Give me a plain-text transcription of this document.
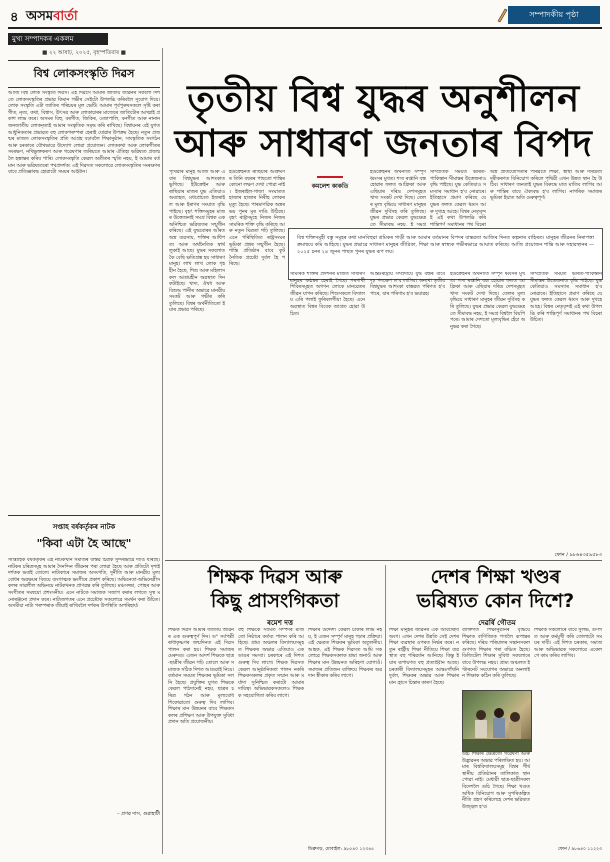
৪ অসমবাৰ্তা	সম্পাদকীয় পৃষ্ঠা
মুখ্য সম্পাদকৰ একলম
■ ২২ আষাঢ়, ২০২৫, বৃহস্পতিবাৰ ■
বিশ্ব লোকসংস্কৃতি দিৱস
আজি বিশ্ব লোক সংস্কৃতি দিৱস। এই দিৱসে আমাৰ জাতীয় জীৱনৰ সকলো দিশতে লোকসংস্কৃতিৰ প্ৰভাৱ কিমান গভীৰ সেইটো উপলব্ধি কৰিবলৈ সুযোগ দিয়ে। লোক সংস্কৃতি এটা জাতিৰ পৰিচয়ৰ মূল ভেটি। আমাৰ পূৰ্বপুৰুষসকলে সৃষ্টি কৰা গীত, নৃত্য, কথা, বিশ্বাস, উৎসৱ আৰু লোকাচাৰৰ মাজেৰে জাতিটোৰ আত্মাই প্ৰকাশ লাভ কৰে। অসমৰ বিহু, বৰগীত, জিকিৰ, ওজাপালি, বনগীত আৰু নানান জনজাতীয় লোকনৃত্যই আমাৰ সংস্কৃতিক সমৃদ্ধ কৰি ৰাখিছে। বিশ্বায়নৰ এই যুগত আধুনিকতাৰ প্ৰভাৱত বহু লোকপৰম্পৰা হেৰাই যোৱাৰ উপক্ৰম হৈছে। নতুন প্ৰজন্মৰ মাজত লোকসংস্কৃতিৰ প্ৰতি আগ্ৰহ বঢ়াবলৈ শিক্ষানুষ্ঠান, সাংস্কৃতিক সংগঠন আৰু চৰকাৰে যৌথভাৱে উদ্যোগ লোৱা প্ৰয়োজন। লোককথা আৰু লোকগীতৰ সংৰক্ষণ, নথিভুক্তকৰণ আৰু গৱেষণাৰ জৰিয়তে আমাৰ ঐতিহ্য ভৱিষ্যত প্ৰজন্মলৈ হস্তান্তৰ কৰিব পাৰি। লোকসংস্কৃতি কেৱল অতীতৰ স্মৃতি নহয়, ই আমাৰ বৰ্তমান আৰু ভৱিষ্যতৰো পথপ্ৰদৰ্শক। এই দিৱসত সকলোৱে লোকসংস্কৃতিৰ সংৰক্ষণৰ বাবে প্ৰতিজ্ঞাবদ্ধ হোৱাটো সময়ৰ আহ্বান।
সপ্তাহ বৰ্ষকৰ্তৃকৰ নাটক
"কিবা এটা হৈ আছে"
সাপ্তাহিক বৰ্ষকৰ্তৃকৰ এই নাটকখনি সমাজৰ বাস্তৱ চিত্ৰক সুন্দৰভাৱে দাঙি ধৰিছে। নাটকৰ চৰিত্ৰসমূহ আমাৰ দৈনন্দিন জীৱনৰ পৰা লোৱা হৈছে আৰু প্ৰতিটো দৃশ্যই দৰ্শকক ভবাই তোলে। নাট্যকাৰে সমাজৰ অসংগতি, দুৰ্নীতি আৰু মানৱীয় মূল্যবোধৰ অৱক্ষয়ৰ বিষয়ে ব্যংগাত্মক ভংগীৰে প্ৰকাশ কৰিছে। অভিনেতা-অভিনেত্ৰীসকলৰ সাৱলীল অভিনয়ে নাটকখনক প্ৰাণৱন্ত কৰি তুলিছে। মঞ্চসজ্জা, পোহৰ আৰু সংগীতৰ সমন্বয়ো প্ৰশংসনীয়। এনে নাটকে সমাজক সজাগ কৰাৰ লগতে সুস্থ মনোৰঞ্জনো প্ৰদান কৰে। নাট্যজগতৰ এনে প্ৰচেষ্টাক সকলোৱে সমৰ্থন কৰা উচিত। অসমীয়া নাট্য পৰম্পৰাক জীয়াই ৰাখিবলৈ দৰ্শকৰ উপস্থিতি অপৰিহাৰ্য।
– প্ৰণৱ দাস, গুৱাহাটী
তৃতীয় বিশ্ব যুদ্ধৰ অনুশীলন
আৰু সাধাৰণ জনতাৰ বিপদ
পৃথিৱীৰ মানুহ আজি আৰু এবাৰ বিশ্বযুদ্ধৰ আশংকাত ভুগিছে। ইউক্ৰেইন আৰু ৰাছিয়াৰ মাজৰ যুদ্ধ এতিয়াও অব্যাহত, মধ্যপ্ৰাচ্যত ইজৰাইল আৰু ইৰাণৰ সংঘাত বৃদ্ধি পাইছে। বৃহৎ শক্তিসমূহৰ মাজৰ উত্তেজনাই সমগ্ৰ বিশ্বক এক অনিশ্চিত ভৱিষ্যতৰ সন্মুখীন কৰিছে। এই যুদ্ধবোৰৰ আঁৰত অস্ত্ৰ ব্যৱসায়, শক্তিৰ আধিপত্য আৰু অৰ্থনৈতিক স্বাৰ্থ লুকাই আছে। যুদ্ধৰ সকলোতকৈ বেছি ক্ষতিগ্ৰস্ত হয় সাধাৰণ মানুহ। লাখ লাখ লোক গৃহহীন হৈছে, শিশু আৰু মহিলাসকল আশ্ৰয়হীন অৱস্থাত দিন কটাইছে। খাদ্য, ঔষধ আৰু বিশুদ্ধ পানীৰ অভাৱে মানৱীয় সংকট আৰু গভীৰ কৰি তুলিছে। বিশ্বৰ অৰ্থনীতিতো ইয়াৰ প্ৰভাৱ পৰিছে।
ইউক্ৰেইনত ৰাছিয়াৰ আক্ৰমণৰ তিনি বছৰৰ পাছতো শান্তিৰ কোনো লক্ষণ দেখা পোৱা নাই। ইজৰাইল-গাজা সংঘাতত হাজাৰ হাজাৰ নিৰীহ লোকৰ মৃত্যু হৈছে। পাৰমাণৱিক অস্ত্ৰৰ ভয় পুনৰ মূৰ দাঙি উঠিছে। বৃহৎ ৰাষ্ট্ৰসমূহে নিজৰ নিজৰ সামৰিক শক্তি বৃদ্ধি কৰিছে আৰু নতুন মিত্ৰতা গঢ়ি তুলিছে। এনে পৰিস্থিতিত ৰাষ্ট্ৰসংঘৰ ভূমিকা প্ৰশ্নৰ সন্মুখীন হৈছে। শান্তি প্ৰতিষ্ঠাৰ বাবে কূটনৈতিক প্ৰচেষ্টা দুৰ্বল হৈ পৰিছে।
কমলেশ কাকতি
ইউক্ৰেইনৰ অৰ্থনীতি সম্পূৰ্ণ ধ্বংসৰ মুখত। শস্য ৰপ্তানি বন্ধ হোৱাৰ ফলত আফ্ৰিকা আৰু এছিয়াৰ দৰিদ্ৰ দেশসমূহত খাদ্য সংকট দেখা দিছে। তেলৰ মূল্য বৃদ্ধিয়ে সাধাৰণ মানুহৰ জীৱন দুৰ্বিসহ কৰি তুলিছে। যুদ্ধৰ প্ৰভাৱ কেৱল যুদ্ধক্ষেত্ৰতে সীমাবদ্ধ নহয়, ই সমগ্ৰ
সাম্প্ৰতিক সময়ত ভাৰত-পাকিস্তান সীমান্তৰ উত্তেজনাও বৃদ্ধি পাইছে। যুদ্ধ কেতিয়াও সমস্যাৰ সমাধান হ'ব নোৱাৰে। ইতিহাসে প্ৰমাণ কৰিছে যে যুদ্ধৰ ফলত কেৱল ধ্বংস আৰু দুখহে আহে। বিশ্বৰ নেতৃবৃন্দই এই কথা উপলব্ধি কৰি শান্তিপূৰ্ণ সমাধানৰ পথ বিচৰা
অস্ত্ৰ প্ৰতিযোগিতাৰ পৰিৱৰ্তে শিক্ষা, স্বাস্থ্য আৰু দৰিদ্ৰতা দূৰীকৰণত বিনিয়োগ কৰিলে পৃথিৱী এখন উন্নত স্থান হৈ উঠিব। সাধাৰণ জনতাই যুদ্ধৰ বিৰুদ্ধে মাত মাতিব লাগিব আৰু শান্তিৰ বাবে ঐক্যবদ্ধ হ'ব লাগিব। নাগৰিক সমাজৰ ভূমিকা ইয়াত অতি গুৰুত্বপূৰ্ণ।
বিশ্ব শক্তিসমূহী বস্তু সমূহৰ কথা মানবিহুৱা শ্ৰমিকৰ গাড়ী আৰু আমাৰ বৰ্তমানৰ বিপদৰ বাস্তৱতা আজিৰ দিনত কল্পনাৰ বাহিৰত। মানুহৰ জীৱনৰ নিৰাপত্তা ক্ৰমান্বয়ে কমি আহিছে। যুদ্ধৰ প্ৰভাৱে সাধাৰণ মানুহৰ জীৱিকা, শিক্ষা আৰু স্বাস্থ্যক গভীৰভাৱে আঘাত কৰিছে। আজি প্ৰয়োজন শান্তি আৰু সহাৱস্থানৰ — ২০২৫ চনৰ ২৪ জুনৰ পাছত পুনৰ যুদ্ধৰ ৰূপ লয়।
সামৰিক শক্তিৰ প্ৰদৰ্শনৰ মাজত সাধাৰণ মানুহৰ কণ্ঠস্বৰ হেৰাই গৈছে। শৰণাৰ্থী শিবিৰসমূহত অগণন লোকে মানৱেতৰ জীৱন যাপন কৰিছে। শিশুসকলে বিদ্যালয় এৰি পলাই ফুৰিবলগীয়া হৈছে। এনে অৱস্থাত বিশ্বৰ বিবেক জাগ্ৰত হোৱা উচিত।
আন্তঃৰাষ্ট্ৰীয় সম্প্ৰদায়ে যুদ্ধ বন্ধৰ বাবে দৃঢ় পদক্ষেপ ল'ব লাগিব। অন্যথা তৃতীয় বিশ্বযুদ্ধৰ আশংকা বাস্তৱত পৰিণত হ'ব পাৰে, যাৰ পৰিণাম হ'ব ভয়াৱহ।
ইউক্ৰেইনৰ অৰ্থনীতি সম্পূৰ্ণ ধ্বংসৰ মুখত। শস্য ৰপ্তানি বন্ধ হোৱাৰ ফলত আফ্ৰিকা আৰু এছিয়াৰ দৰিদ্ৰ দেশসমূহত খাদ্য সংকট দেখা দিছে। তেলৰ মূল্য বৃদ্ধিয়ে সাধাৰণ মানুহৰ জীৱন দুৰ্বিসহ কৰি তুলিছে। যুদ্ধৰ প্ৰভাৱ কেৱল যুদ্ধক্ষেত্ৰতে সীমাবদ্ধ নহয়, ই সমগ্ৰ বিশ্বলৈ বিয়পি পৰে। আমাৰ দেশতো মূল্যবৃদ্ধিৰ হেঁচা অনুভৱ কৰা গৈছে।
সাম্প্ৰতিক সময়ত ভাৰত-পাকিস্তান সীমান্তৰ উত্তেজনাও বৃদ্ধি পাইছে। যুদ্ধ কেতিয়াও সমস্যাৰ সমাধান হ'ব নোৱাৰে। ইতিহাসে প্ৰমাণ কৰিছে যে যুদ্ধৰ ফলত কেৱল ধ্বংস আৰু দুখহে আহে। বিশ্বৰ নেতৃবৃন্দই এই কথা উপলব্ধি কৰি শান্তিপূৰ্ণ সমাধানৰ পথ বিচৰা উচিত।
ফোন / ৯৮৬৪৩৫৯৫৮৩
শিক্ষক দিৱস আৰু
কিছু প্ৰাসংগিকতা
ৰমেশ দত্ত
শিক্ষক দিৱস আমাৰ জাতীয় জীৱনৰ এক গুৰুত্বপূৰ্ণ দিন। ড° সৰ্বপল্লী ৰাধাকৃষ্ণণৰ জন্মদিনত এই দিৱস পালন কৰা হয়। শিক্ষক সমাজৰ মেৰুদণ্ড। এজন আদৰ্শ শিক্ষকে ছাত্ৰ-ছাত্ৰীৰ জীৱন গঢ়ি তোলে আৰু সমাজক সঠিক দিশত আগুৱাই নিয়ে। বৰ্তমান সময়ত শিক্ষকৰ ভূমিকা সলনি হৈছে। প্ৰযুক্তিৰ যুগত শিক্ষকে কেৱল পাঠদানেই নহয়, ছাত্ৰৰ চৰিত্ৰ গঠন আৰু মূল্যবোধ শিকোৱাতো গুৰুত্ব দিব লাগিব। শিক্ষাৰ মান উন্নয়নৰ বাবে শিক্ষকসকলৰ প্ৰশিক্ষণ আৰু উপযুক্ত সুবিধা প্ৰদান অতি প্ৰয়োজনীয়।
বহু শিক্ষকে সীমিত সম্পদৰ মাজতো নিষ্ঠাৰে কৰ্তব্য পালন কৰি আহিছে। গ্ৰাম্য অঞ্চলৰ বিদ্যালয়সমূহত শিক্ষকৰ অভাৱ এতিয়াও এক ডাঙৰ সমস্যা। চৰকাৰে এই দিশত গুৰুত্ব দিব লাগে। শিক্ষক দিৱসত কেৱল আনুষ্ঠানিকতা পালন নকৰি শিক্ষকসকলৰ প্ৰকৃত সন্মান আৰু মৰ্যাদা সুনিশ্চিত কৰাটো আমাৰ দায়িত্ব। অভিভাৱকসকলেও শিক্ষকক সহযোগিতা কৰিব লাগে।
শিক্ষাৰ উদ্দেশ্য কেৱল চাকৰি লাভ নহয়, ই এজন সম্পূৰ্ণ মানুহ গঢ়াৰ প্ৰক্ৰিয়া। এই ক্ষেত্ৰত শিক্ষকৰ ভূমিকা অতুলনীয়। আহক, এই শিক্ষক দিৱসত আমি সকলোৱে শিক্ষকসকলক শ্ৰদ্ধা জনাওঁ আৰু শিক্ষাৰ মান উন্নয়নত অৰিহণা যোগাওঁ। সমাজৰ প্ৰতিজন ব্যক্তিয়ে শিক্ষকৰ অৱদান স্বীকাৰ কৰিব লাগে।
ডিব্ৰুগড়, মোবাইল: ৯৮৫৪০ ১২৩৪৫
দেশৰ শিক্ষা খণ্ডৰ
ভৱিষ্যত কোন দিশে?
দেৱৰ্ষি গৌতম
শিক্ষা মানুহৰ জীৱনৰ এক অবিচ্ছেদ্য অংগ। এখন দেশৰ উন্নতি সেই দেশৰ শিক্ষা ব্যৱস্থাৰ ওপৰত নিৰ্ভৰ কৰে। নতুন ৰাষ্ট্ৰীয় শিক্ষা নীতিয়ে শিক্ষা ব্যৱস্থাত বহু পৰিৱৰ্তন আনিছে। কিন্তু ইয়াৰ ৰূপায়ণত বহু প্ৰত্যাহ্বান আছে। চৰকাৰী বিদ্যালয়সমূহৰ আন্তঃগাঁথনি দুৰ্বল, শিক্ষকৰ অভাৱ আৰু শিক্ষাৰ মান হ্ৰাসে চিন্তাৰ কাৰণ হৈছে।
ব্যক্তিগত শিক্ষানুষ্ঠানৰ বৃদ্ধিয়ে শিক্ষাক বাণিজ্যিক পণ্যলৈ ৰূপান্তৰ কৰিছে। দৰিদ্ৰ পৰিয়ালৰ সন্তানসকল গুণগত শিক্ষাৰ পৰা বঞ্চিত হৈছে। ডিজিটেল শিক্ষাৰ সুবিধা সকলোৰে বাবে উপলব্ধ নহয়। গ্ৰাম্য অঞ্চলত ইণ্টাৰনেট সংযোগৰ অভাৱে অনলাইন শিক্ষাক কঠিন কৰি তুলিছে।
উচ্চ শিক্ষাৰ ক্ষেত্ৰতো গৱেষণা আৰু উদ্ভাৱনৰ অভাৱ পৰিলক্ষিত হয়। আমাৰ বিশ্ববিদ্যালয়সমূহ বিশ্বৰ শীৰ্ষস্থানীয় প্ৰতিষ্ঠানৰ তালিকাত স্থান পোৱা নাই। মেধাৱী ছাত্ৰ-ছাত্ৰীসকল বিদেশলৈ গুচি গৈছে। শিক্ষা খণ্ডত অধিক বিনিয়োগ আৰু সুপৰিকল্পিত নীতি গ্ৰহণ কৰিলেহে দেশৰ ভৱিষ্যত উজ্জ্বল হ'ব।
শিক্ষাক সকলোৰে বাবে সুলভ, গুণগত আৰু কৰ্মমুখী কৰি তোলাটো সময়ৰ দাবী। এই দিশত চৰকাৰ, সমাজ আৰু অভিভাৱক সকলোৱে একেলগে কাম কৰিব লাগিব।
ফোন / ৯৮৬৪০ ১১২২৩
